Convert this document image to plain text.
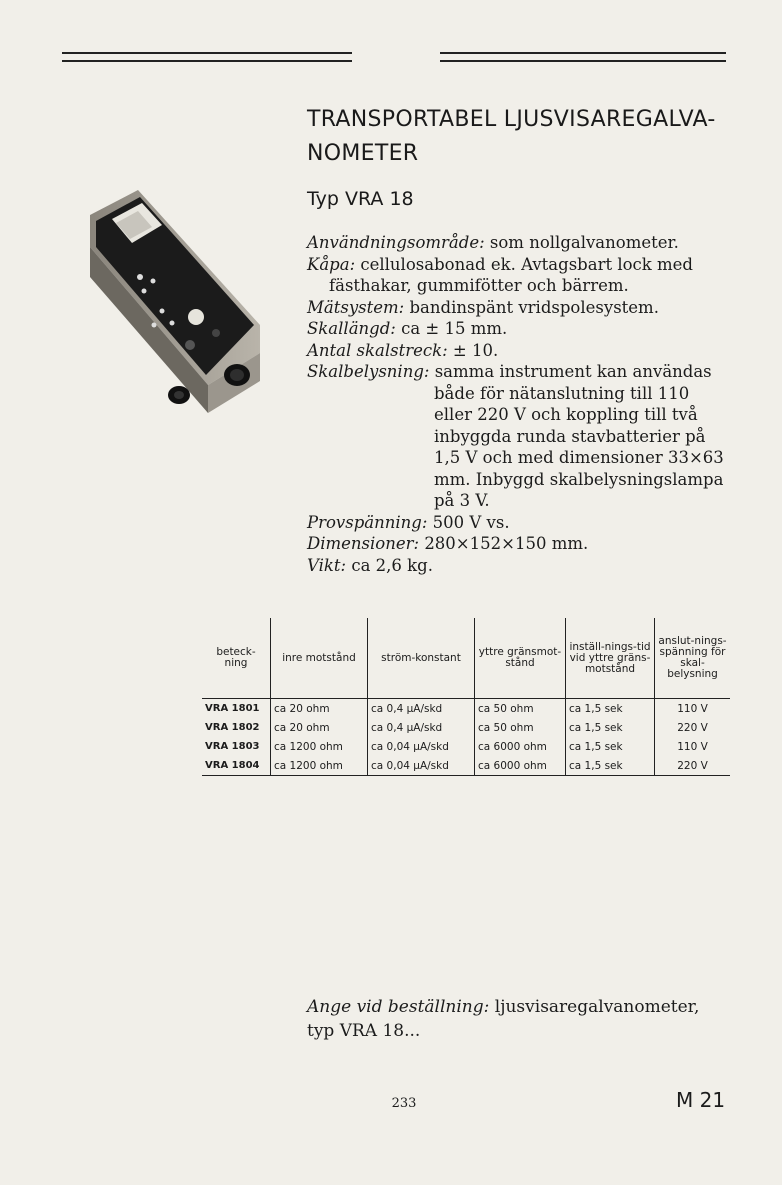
TRANSPORTABEL LJUSVISAREGALVA-NOMETER
Typ VRA 18

Användningsområde: som nollgalvanometer.

Kåpa: cellulosabonad ek. Avtagsbart lock med fästhakar, gummifötter och bärrem.

Mätsystem: bandinspänt vridspolesystem.

Skallängd: ca ± 15 mm.

Antal skalstreck: ± 10.

Skalbelysning: samma instrument kan användas både för nätanslutning till 110 eller 220 V och koppling till två inbyggda runda stavbatterier på 1,5 V och med dimensioner 33×63 mm. Inbyggd skalbelysningslampa på 3 V.

Provspänning: 500 V vs.

Dimensioner: 280×152×150 mm.

Vikt: ca 2,6 kg.

beteck-ning	inre motstånd	ström-konstant	yttre gränsmot-stånd	inställ-nings-tid vid yttre gräns-motstånd	anslut-nings-spänning för skal-belysning
VRA 1801	ca 20 ohm	ca 0,4 µA/skd	ca 50 ohm	ca 1,5 sek	110 V
VRA 1802	ca 20 ohm	ca 0,4 µA/skd	ca 50 ohm	ca 1,5 sek	220 V
VRA 1803	ca 1200 ohm	ca 0,04 µA/skd	ca 6000 ohm	ca 1,5 sek	110 V
VRA 1804	ca 1200 ohm	ca 0,04 µA/skd	ca 6000 ohm	ca 1,5 sek	220 V
Ange vid beställning: ljusvisaregalvanometer, typ VRA 18...
233	M 21
